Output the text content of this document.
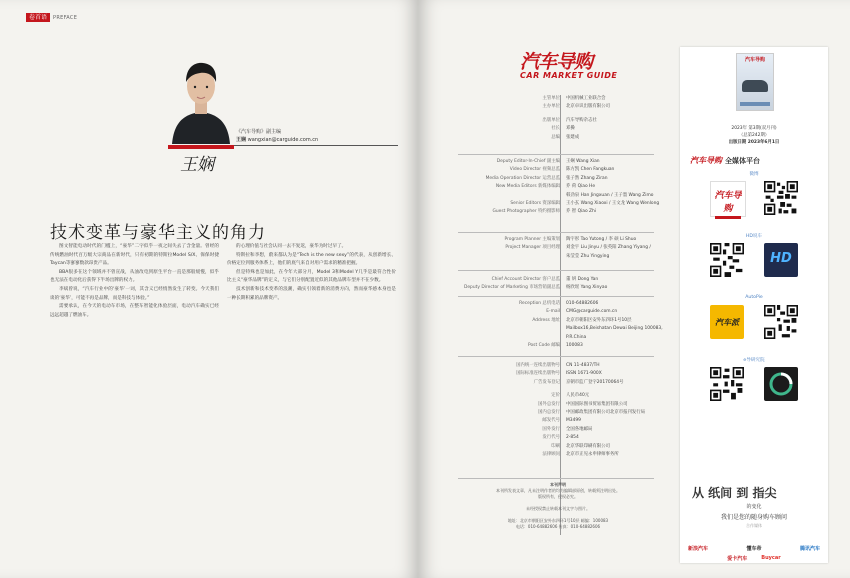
卷首语	PREFACE
《汽车导购》副主编
王娴 wangxian@carguide.com.cn
王娴
技术变革与豪华主义的角力

图文智能电动时代的门槛上，“豪华”二字似乎一夜之间失去了含金量。曾经的传统燃油时代百万级大宗商品在新时代，只有初期的特斯拉Model S/X、保保时捷Taycan等寥寥数款昂贵产品。

BBA很多在这个领域并不曾宣战，从油改电到原生平台一直是那般缓慢，似乎也无法在电动化后获得下半场出牌的权力。

李斌曾说，“汽车行业中的‘豪华’一词，其含义已经悄然发生了转变。今天我们谈的‘豪华’，可能不再是品牌，而是科技与体验。”

需要承认，在今天的电动车市场，在整车智能化体验层面，电动汽车确实已经远远超越了燃油车。

的心理价值与社会认同一去不复返，豪华为时过早了。

特斯拉和李想，蔚来都认为是“Tech is the new sexy”的代表，从创新增长、价格定位到服务体系上，他们的底气来自对用户需求的精准把握。

但是特殊也是加此，在今年大部分月，Model 3和Model Y几乎是最符合性价比主义“豪华品牌”的定义，与它们分别配置近似的其他品牌车型并不在少数。

技术创新和技术变革的浪潮，确实引领着新的消费方向，然而豪华感本身也是一种长期积累的品牌资产。

汽车导购
CAR MARKET GUIDE
主管单位	中国机械工业联合会
主办单位	北京卓识出版有限公司
出版单位	汽车导购杂志社
社长	邓操
总编	张建成
Deputy Editor-In-Chief 副主编	王娴 Wang Xian
Video Director 视频总监	陈方凯 Chen Fangkuan
Media Operation Director 运营总监	张子然 Zhang Ziran
New Media Editors 新媒体编辑	乔 荷 Qiao He
韩劲泉 Han Jingxuan / 王子墨 Wang Zimo
Senior Editors 资深编辑	王小玄 Wang Xiaoxi / 王文龙 Wang Wenlong
Guest Photographer 特约摄影师	乔 智 Qiao Zhi
Program Planner 主编策划	陶宇彤 Tao Yutong / 李 硕 Li Shuo
Project Manager 项目经理	刘金宇 Liu Jinyu / 张英阳 Zhang Yiyang /
朱莹莹 Zhu Yingying
Chief Account Director 客户总监	董 妍 Dong Yan
Deputy Director of Marketing 市场营销副总监	杨欣瑶 Yang Xinyao
Reception 总机电话	010-64882606
E-mail	CMG@carguide.com.cn
Address 地址	北京市朝阳区安外东四环1号10层
Mailbox16,Beishatan Dewai Beijing 100083,
P.R.China
Post Code 邮编	100083
国内统一连续出版物号	CN 11-4837/TH
国际标准连续出版物号	ISSN 1671-900X
广告发布登记	京朝市监广登字20170064号
定价	人民币40元
国外总发行	中国国际图书贸易集团有限公司
国内总发行	中国邮政集团有限公司北京市报刊发行局
邮发代号	M3499
国外发行	全国各地邮局
发行代号	2-854
印刷	北京华联印刷有限公司
法律顾问	北京市正见永申律师事务所
本刊声明
本刊所发表文章，凡未注明作者的均为编辑部原创，转载须注明出处。
版权所有，侵权必究。
未经授权禁止转载本刊文字与图片。
地址：北京市朝阳区安外东四环1号10层 邮编：100083
电话：010-64882606 传真：010-64882606
汽车导购
2023年 第3期(双月刊)
（总第242期）
出版日期 2023年6月1日
汽车导购 全媒体平台
微博
汽车导购
HD说车
HD
AutoPie
汽车派
e导研究院
从 纸间 到 指尖
的变化
我们是您的随身购车顾问
合作媒体
新浪汽车	懂车帝	腾讯汽车
爱卡汽车	Buycar
